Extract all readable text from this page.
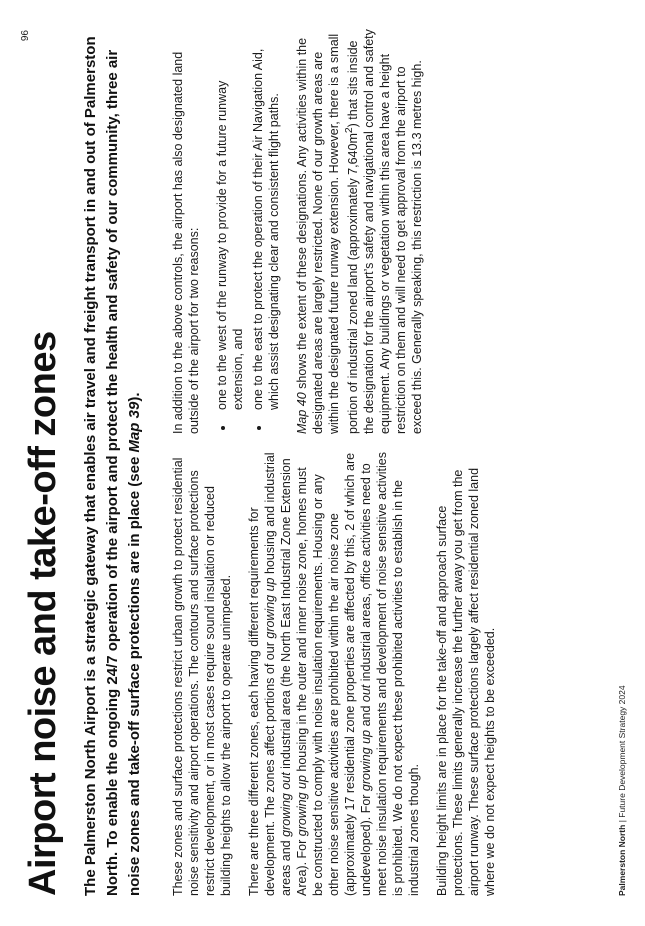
96
Airport noise and take-off zones The Palmerston North Airport is a strategic gateway that enables air travel and freight transport in and out of Palmerston North. To enable the ongoing 24/7 operation of the airport and protect the health and safety of our community, three air noise zones and take-off surface protections are in place (see Map 39).

These zones and surface protections restrict urban growth to protect residential noise sensitivity and airport operations. The contours and surface protections restrict development, or in most cases require sound insulation or reduced building heights to allow the airport to operate unimpeded. There are three different zones, each having different requirements for development. The zones affect portions of our growing up housing and industrial areas and growing out industrial area (the North East Industrial Zone Extension Area). For growing up housing in the outer and inner noise zone, homes must be constructed to comply with noise insulation requirements. Housing or any other noise sensitive activities are prohibited within the air noise zone (approximately 17 residential zone properties are affected by this, 2 of which are undeveloped). For growing up and out industrial areas, office activities need to meet noise insulation requirements and development of noise sensitive activities is prohibited. We do not expect these prohibited activities to establish in the industrial zones though. Building height limits are in place for the take-off and approach surface protections. These limits generally increase the further away you get from the airport runway. These surface protections largely affect residential zoned land where we do not expect heights to be exceeded.

In addition to the above controls, the airport has also designated land outside of the airport for two reasons: • one to the west of the runway to provide for a future runway extension, and • one to the east to protect the operation of their Air Navigation Aid, which assist designating clear and consistent flight paths.

Map 40 shows the extent of these designations. Any activities within the designated areas are largely restricted. None of our growth areas are within the designated future runway extension. However, there is a small portion of industrial zoned land (approximately $7,640m^2$) that sits inside the designation for the airport’s safety and navigational control and safety equipment. Any buildings or vegetation within this area have a height restriction on them and will need to get approval from the airport to exceed this. Generally speaking, this restriction is 13.3 metres high.

Palmerston North | Future Development Strategy 2024
